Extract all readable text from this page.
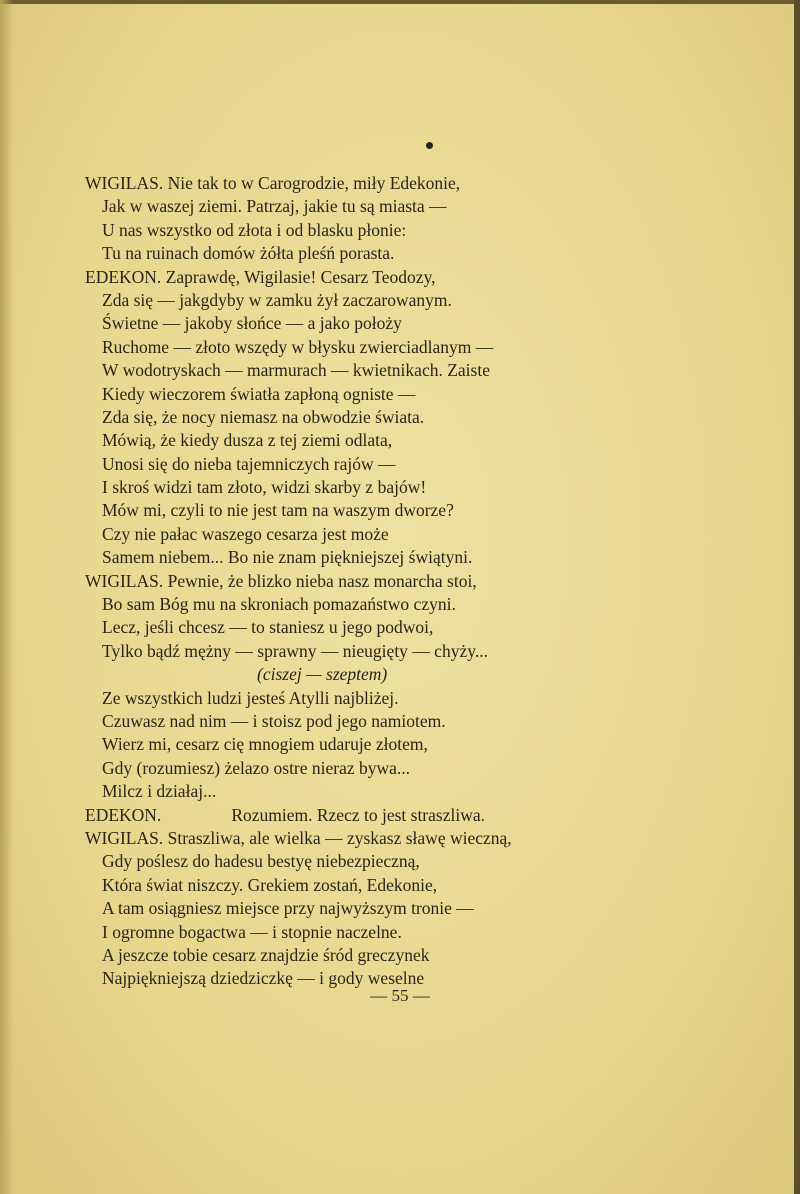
WIGILAS. Nie tak to w Carogrodzie, miły Edekonie,
Jak w waszej ziemi. Patrzaj, jakie tu są miasta —
U nas wszystko od złota i od blasku płonie:
Tu na ruinach domów żółta pleśń porasta.
EDEKON. Zaprawdę, Wigilasie! Cesarz Teodozy,
Zda się — jakgdyby w zamku żył zaczarowanym.
Świetne — jakoby słońce — a jako położy
Ruchome — złoto wszędy w błysku zwierciadlanym —
W wodotryskach — marmurach — kwietnikach. Zaiste
Kiedy wieczorem światła zapłoną ogniste —
Zda się, że nocy niemasz na obwodzie świata.
Mówią, że kiedy dusza z tej ziemi odlata,
Unosi się do nieba tajemniczych rajów —
I skroś widzi tam złoto, widzi skarby z bajów!
Mów mi, czyli to nie jest tam na waszym dworze?
Czy nie pałac waszego cesarza jest może
Samem niebem... Bo nie znam piękniejszej świątyni.
WIGILAS. Pewnie, że blizko nieba nasz monarcha stoi,
Bo sam Bóg mu na skroniach pomazaństwo czyni.
Lecz, jeśli chcesz — to staniesz u jego podwoi,
Tylko bądź mężny — sprawny — nieugięty — chyży...
(ciszej — szeptem)
Ze wszystkich ludzi jesteś Atylli najbliżej.
Czuwasz nad nim — i stoisz pod jego namiotem.
Wierz mi, cesarz cię mnogiem udaruje złotem,
Gdy (rozumiesz) żelazo ostre nieraz bywa...
Milcz i działaj...
EDEKON.	Rozumiem. Rzecz to jest straszliwa.
WIGILAS. Straszliwa, ale wielka — zyskasz sławę wieczną,
Gdy poślesz do hadesu bestyę niebezpieczną,
Która świat niszczy. Grekiem zostań, Edekonie,
A tam osiągniesz miejsce przy najwyższym tronie —
I ogromne bogactwa — i stopnie naczelne.
A jeszcze tobie cesarz znajdzie śród greczynek
Najpiękniejszą dziedziczkę — i gody weselne
— 55 —
